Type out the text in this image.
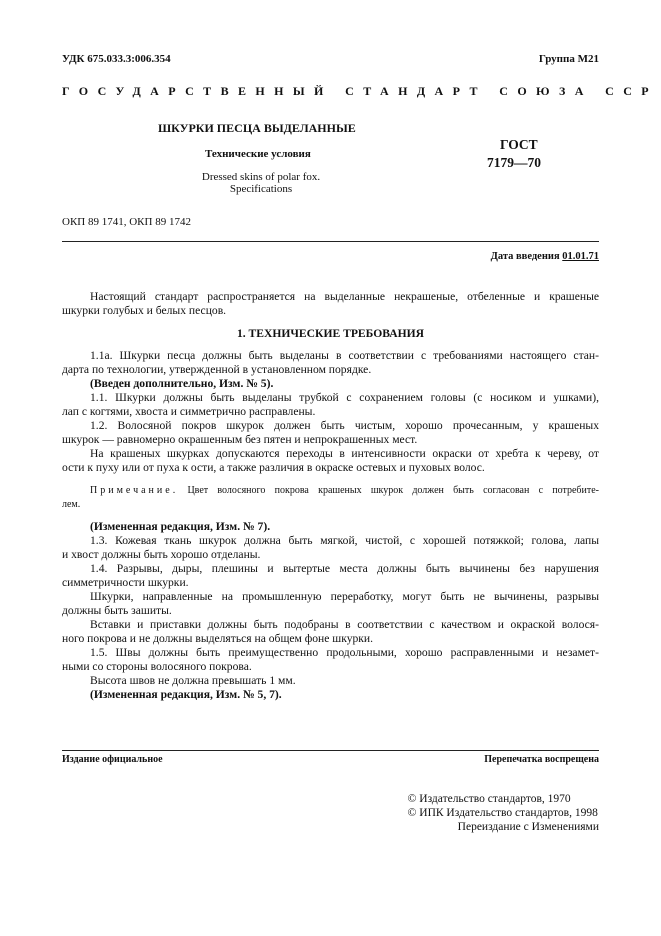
УДК 675.033.3:006.354	Группа М21
ГОСУДАРСТВЕННЫЙ СТАНДАРТ СОЮЗА ССР
ШКУРКИ ПЕСЦА ВЫДЕЛАННЫЕ
Технические условия
Dressed skins of polar fox.
Specifications
ГОСТ
7179—70
ОКП 89 1741, ОКП 89 1742
Дата введения 01.01.71
Настоящий стандарт распространяется на выделанные некрашеные, отбеленные и крашеные
шкурки голубых и белых песцов.
1. ТЕХНИЧЕСКИЕ ТРЕБОВАНИЯ
1.1а. Шкурки песца должны быть выделаны в соответствии с требованиями настоящего стан-
дарта по технологии, утвержденной в установленном порядке.
(Введен дополнительно, Изм. № 5).
1.1. Шкурки должны быть выделаны трубкой с сохранением головы (с носиком и ушками),
лап с когтями, хвоста и симметрично расправлены.
1.2. Волосяной покров шкурок должен быть чистым, хорошо прочесанным, у крашеных
шкурок — равномерно окрашенным без пятен и непрокрашенных мест.
На крашеных шкурках допускаются переходы в интенсивности окраски от хребта к череву, от
ости к пуху или от пуха к ости, а также различия в окраске остевых и пуховых волос.
Примечание. Цвет волосяного покрова крашеных шкурок должен быть согласован с потребите-
лем.
(Измененная редакция, Изм. № 7).
1.3. Кожевая ткань шкурок должна быть мягкой, чистой, с хорошей потяжкой; голова, лапы
и хвост должны быть хорошо отделаны.
1.4. Разрывы, дыры, плешины и вытертые места должны быть вычинены без нарушения
симметричности шкурки.
Шкурки, направленные на промышленную переработку, могут быть не вычинены, разрывы
должны быть зашиты.
Вставки и приставки должны быть подобраны в соответствии с качеством и окраской волося-
ного покрова и не должны выделяться на общем фоне шкурки.
1.5. Швы должны быть преимущественно продольными, хорошо расправленными и незамет-
ными со стороны волосяного покрова.
Высота швов не должна превышать 1 мм.
(Измененная редакция, Изм. № 5, 7).
Издание официальное	Перепечатка воспрещена
© Издательство стандартов, 1970
© ИПК Издательство стандартов, 1998
Переиздание с Изменениями
